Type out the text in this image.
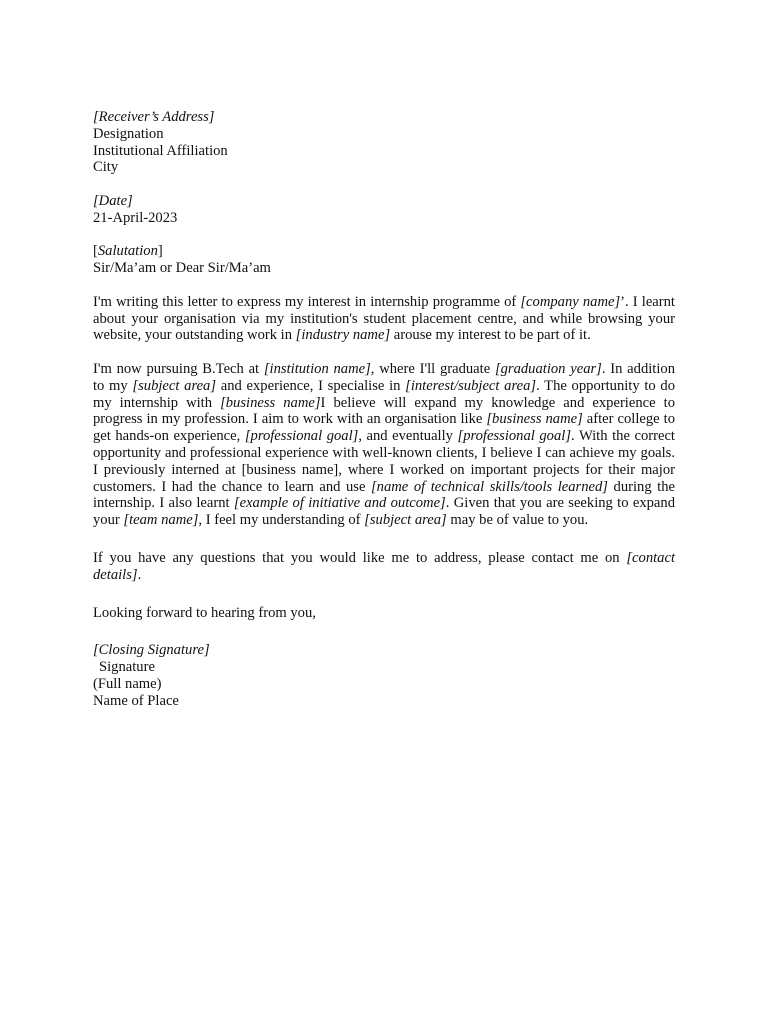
[Receiver’s Address]
Designation
Institutional Affiliation
City
[Date]
21-April-2023
[Salutation]
Sir/Ma’am or Dear Sir/Ma’am

I'm writing this letter to express my interest in internship programme of [company name]’. I learnt about your organisation via my institution's student placement centre, and while browsing your website, your outstanding work in [industry name] arouse my interest to be part of it.

I'm now pursuing B.Tech at [institution name], where I'll graduate [graduation year]. In addition to my [subject area] and experience, I specialise in [interest/subject area]. The opportunity to do my internship with [business name]I believe will expand my knowledge and experience to progress in my profession. I aim to work with an organisation like [business name] after college to get hands-on experience, [professional goal], and eventually [professional goal]. With the correct opportunity and professional experience with well-known clients, I believe I can achieve my goals. I previously interned at [business name], where I worked on important projects for their major customers. I had the chance to learn and use [name of technical skills/tools learned] during the internship. I also learnt [example of initiative and outcome]. Given that you are seeking to expand your [team name], I feel my understanding of [subject area] may be of value to you.

If you have any questions that you would like me to address, please contact me on [contact details].

Looking forward to hearing from you,
[Closing Signature]
Signature
(Full name)
Name of Place
